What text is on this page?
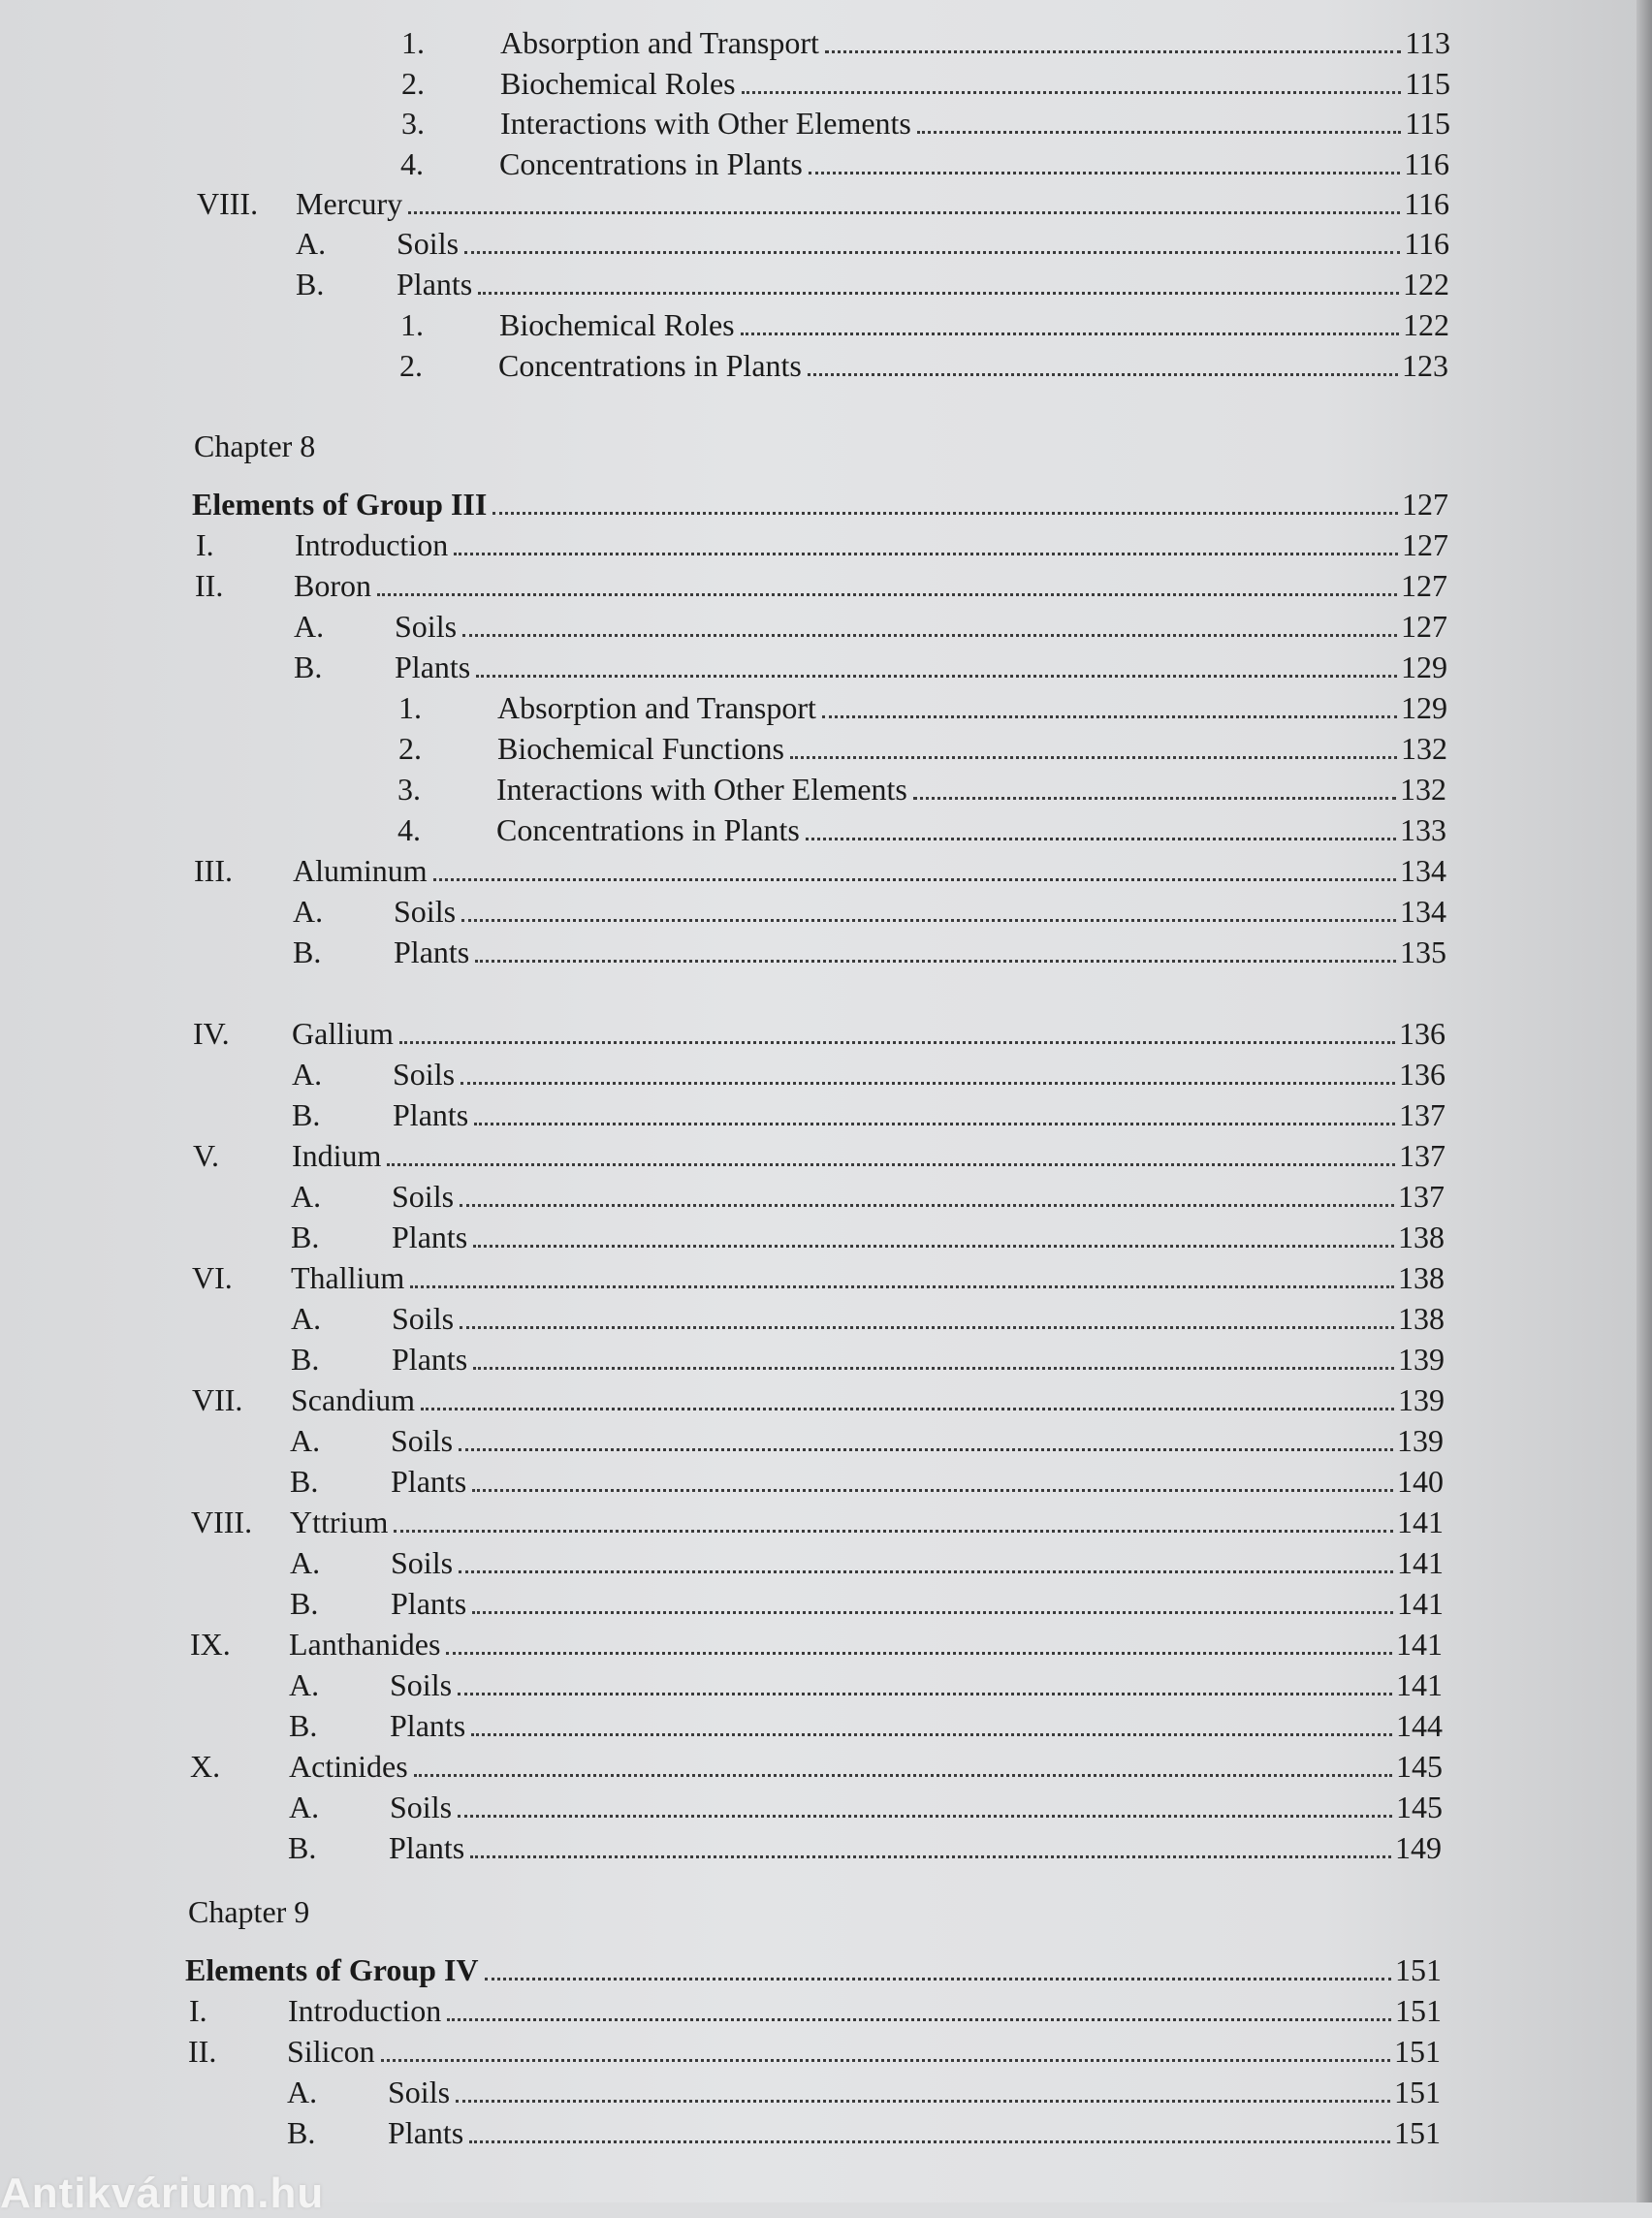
Chapter 8
Chapter 9
1.	Absorption and Transport	113
2.	Biochemical Roles	115
3.	Interactions with Other Elements	115
4.	Concentrations in Plants	116
VIII.	Mercury	116
A.	Soils	116
B.	Plants	122
1.	Biochemical Roles	122
2.	Concentrations in Plants	123
Elements of Group III	127
I.	Introduction	127
II.	Boron	127
A.	Soils	127
B.	Plants	129
1.	Absorption and Transport	129
2.	Biochemical Functions	132
3.	Interactions with Other Elements	132
4.	Concentrations in Plants	133
III.	Aluminum	134
A.	Soils	134
B.	Plants	135
IV.	Gallium	136
A.	Soils	136
B.	Plants	137
V.	Indium	137
A.	Soils	137
B.	Plants	138
VI.	Thallium	138
A.	Soils	138
B.	Plants	139
VII.	Scandium	139
A.	Soils	139
B.	Plants	140
VIII.	Yttrium	141
A.	Soils	141
B.	Plants	141
IX.	Lanthanides	141
A.	Soils	141
B.	Plants	144
X.	Actinides	145
A.	Soils	145
B.	Plants	149
Elements of Group IV	151
I.	Introduction	151
II.	Silicon	151
A.	Soils	151
B.	Plants	151
Antikvárium.hu
